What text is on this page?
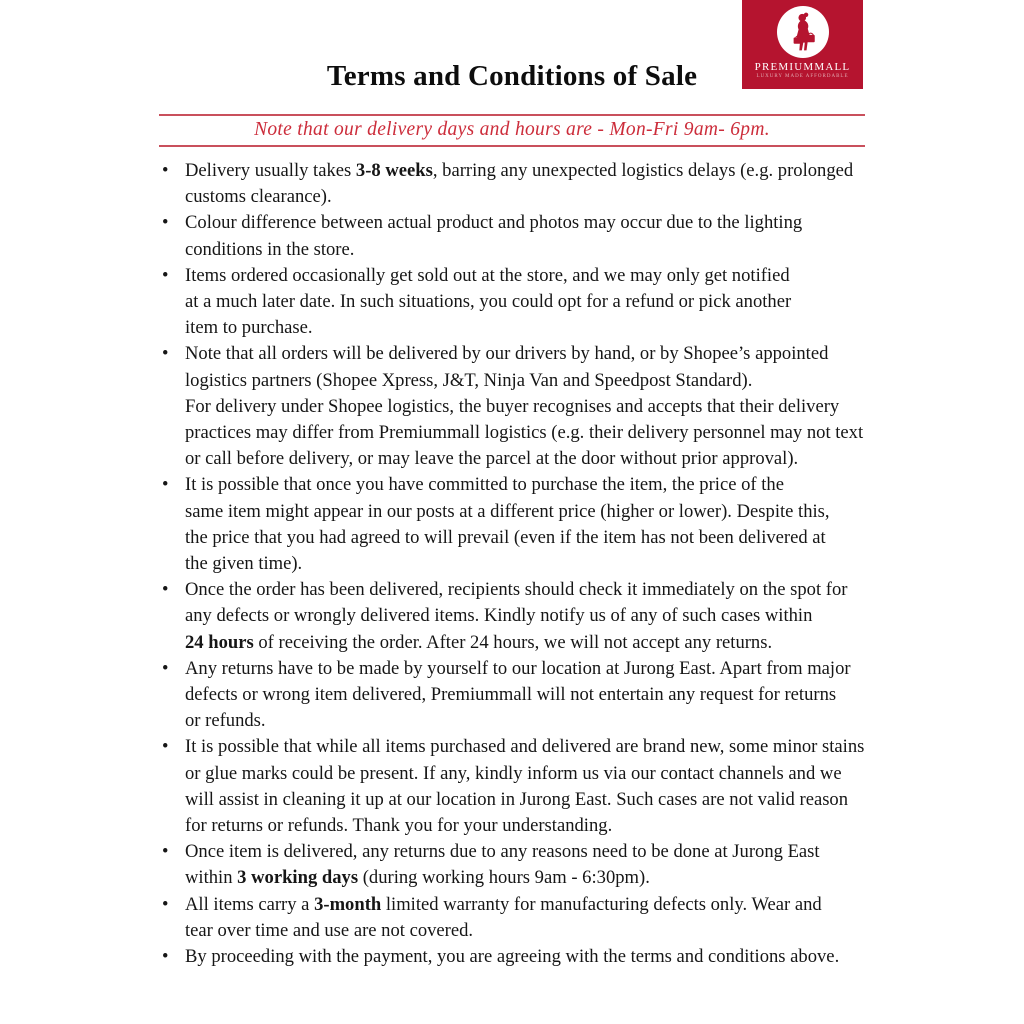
PREMIUMMALL
LUXURY MADE AFFORDABLE
Terms and Conditions of Sale
Note that our delivery days and hours are - Mon-Fri 9am- 6pm.
• Delivery usually takes 3-8 weeks, barring any unexpected logistics delays (e.g. prolonged
customs clearance).
• Colour difference between actual product and photos may occur due to the lighting
conditions in the store.
• Items ordered occasionally get sold out at the store, and we may only get notified
at a much later date. In such situations, you could opt for a refund or pick another
item to purchase.
• Note that all orders will be delivered by our drivers by hand, or by Shopee’s appointed
logistics partners (Shopee Xpress, J&T, Ninja Van and Speedpost Standard).
For delivery under Shopee logistics, the buyer recognises and accepts that their delivery
practices may differ from Premiummall logistics (e.g. their delivery personnel may not text
or call before delivery, or may leave the parcel at the door without prior approval).
• It is possible that once you have committed to purchase the item, the price of the
same item might appear in our posts at a different price (higher or lower). Despite this,
the price that you had agreed to will prevail (even if the item has not been delivered at
the given time).
• Once the order has been delivered, recipients should check it immediately on the spot for
any defects or wrongly delivered items. Kindly notify us of any of such cases within
24 hours of receiving the order. After 24 hours, we will not accept any returns.
• Any returns have to be made by yourself to our location at Jurong East. Apart from major
defects or wrong item delivered, Premiummall will not entertain any request for returns
or refunds.
• It is possible that while all items purchased and delivered are brand new, some minor stains
or glue marks could be present. If any, kindly inform us via our contact channels and we
will assist in cleaning it up at our location in Jurong East. Such cases are not valid reason
for returns or refunds. Thank you for your understanding.
• Once item is delivered, any returns due to any reasons need to be done at Jurong East
within 3 working days (during working hours 9am - 6:30pm).
• All items carry a 3-month limited warranty for manufacturing defects only. Wear and
tear over time and use are not covered.
• By proceeding with the payment, you are agreeing with the terms and conditions above.
